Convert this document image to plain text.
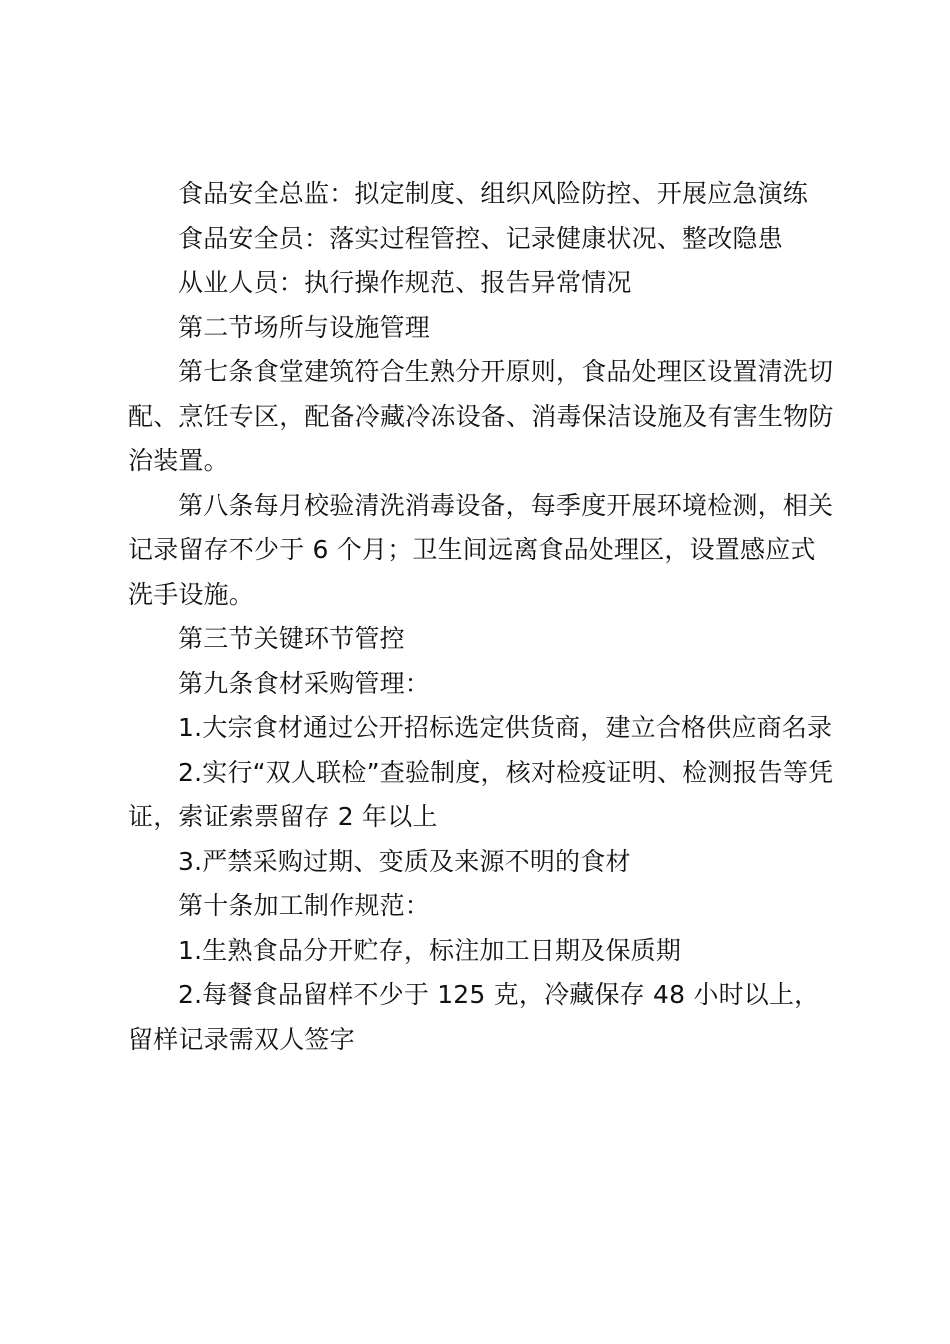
食品安全总监：拟定制度、组织风险防控、开展应急演练

食品安全员：落实过程管控、记录健康状况、整改隐患

从业人员：执行操作规范、报告异常情况

第二节场所与设施管理

第七条食堂建筑符合生熟分开原则，食品处理区设置清洗切配、烹饪专区，配备冷藏冷冻设备、消毒保洁设施及有害生物防治装置。

第八条每月校验清洗消毒设备，每季度开展环境检测，相关记录留存不少于 6 个月；卫生间远离食品处理区，设置感应式洗手设施。

第三节关键环节管控

第九条食材采购管理：

1.大宗食材通过公开招标选定供货商，建立合格供应商名录

2.实行“双人联检”查验制度，核对检疫证明、检测报告等凭证，索证索票留存 2 年以上

3.严禁采购过期、变质及来源不明的食材

第十条加工制作规范：

1.生熟食品分开贮存，标注加工日期及保质期

2.每餐食品留样不少于 125 克，冷藏保存 48 小时以上，留样记录需双人签字
